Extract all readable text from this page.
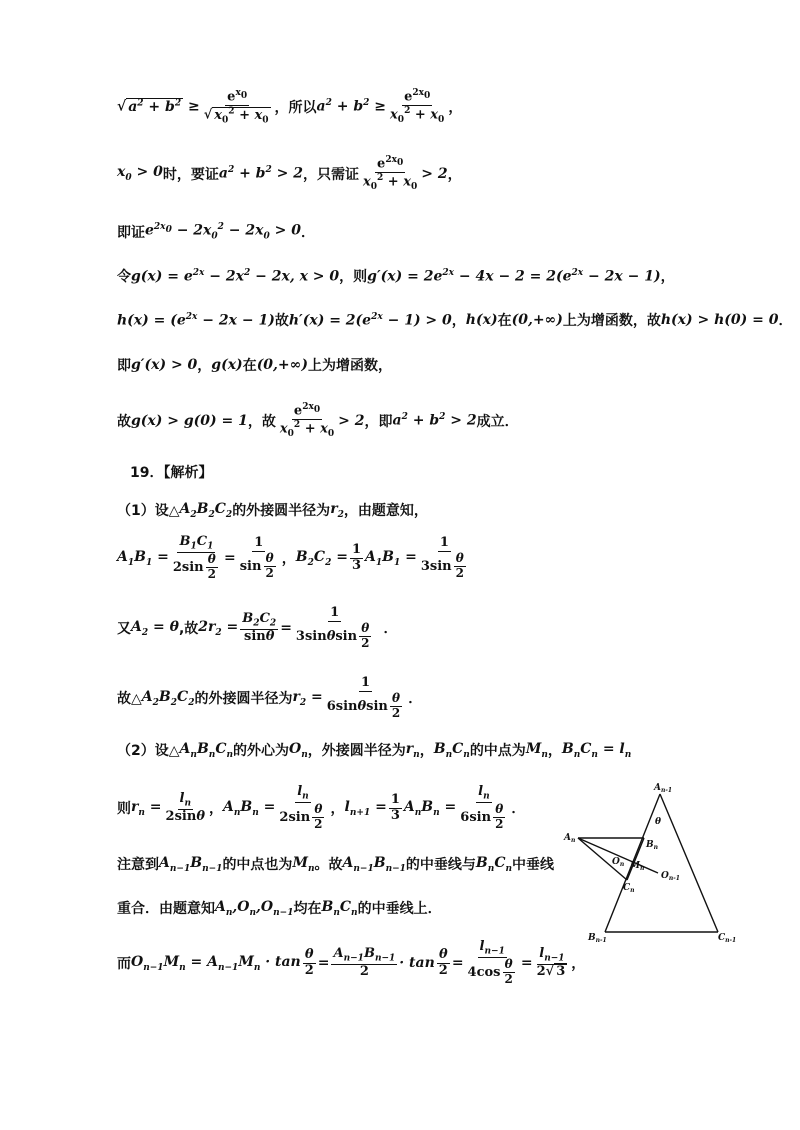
√ $a^2 + b^2 \ge \frac{e^{x_0}}{√ x_0^2 + x_0}$ ，所以 $a^2 + b^2 \ge \frac{e^{2x_0}}{x_0^2 + x_0}$ ，
$x_0 > 0$ 时，要证 $a^2 + b^2 > 2$ ，只需证 $\frac{e^{2x_0}}{x_0^2 + x_0} > 2$ ，
即证 $e^{2x_0} - 2x_0^2 - 2x_0 > 0$ ．
令 $g(x) = e^{2x} - 2x^2 - 2x$, x > 0 ，则 $g'(x) = 2e^{2x} - 4x - 2 = 2(e^{2x} - 2x - 1)$ ，
$h(x) = (e^{2x} - 2x - 1)$ 故 $h'(x) = 2(e^{2x} - 1) > 0$ ， h(x) 在 (0,+∞) 上为增函数，故 h(x) > h(0) = 0 ．
即 g′(x) > 0 ， g(x) 在 (0,+∞) 上为增函数，
故 g(x) > g(0) = 1 ，故 $\frac{e^{2x_0}}{x_0^2 + x_0} > 2$ ，即 $a^2 + b^2 > 2$ 成立．
19．【解析】
（1）设△ $A_2B_2C_2$ 的外接圆半径为 $r_2$ ，由题意知，
$A_1B_1 = \frac{B_1C_1}{2\sin \frac{\theta}{2}} = \frac{1}{\sin \frac{\theta}{2}}$ ， $B_2C_2 = \frac{1}{3} A_1B_1 = \frac{1}{3\sin \frac{\theta}{2}}$
又 $A_2 = \theta$ ,故 $2r_2 = \frac{B_2C_2}{\sin\theta} = \frac{1}{3\sin\theta\sin \frac{\theta}{2}}$ ．
故△ $A_2B_2C_2$ 的外接圆半径为 $r_2 = \frac{1}{6\sin\theta\sin \frac{\theta}{2}}$ ．
（2）设△ $A_nB_nC_n$ 的外心为 $O_n$ ，外接圆半径为 $r_n$ ， $B_nC_n$ 的中点为 $M_n$ ， $B_nC_n = l_n$
则 $r_n = \frac{l_n}{2\sin\theta}$ ， $A_nB_n = \frac{l_n}{2\sin \frac{\theta}{2}}$ ， $l_{n+1} = \frac{1}{3} A_nB_n = \frac{l_n}{6\sin \frac{\theta}{2}}$ ．
注意到 $A_{n-1}B_{n-1}$ 的中点也为 $M_n$ 。故 $A_{n-1}B_{n-1}$ 的中垂线与 $B_nC_n$ 中垂线
重合．由题意知 $A_n,O_n,O_{n-1}$ 均在 $B_nC_n$ 的中垂线上．
而 $O_{n-1}M_n = A_{n-1}M_n \cdot \tan \frac{\theta}{2} = \frac{A_{n-1}B_{n-1}}{2} \cdot \tan \frac{\theta}{2} = \frac{l_{n-1}}{4\cos \frac{\theta}{2}} = \frac{l_{n-1}}{2√ 3}$ ，
$A_{n-1}$
θ
$A_n$	$B_n$
$O_n$ $M_n$
$C_n$
$O_{n-1}$
$B_{n-1}$	$C_{n-1}$
